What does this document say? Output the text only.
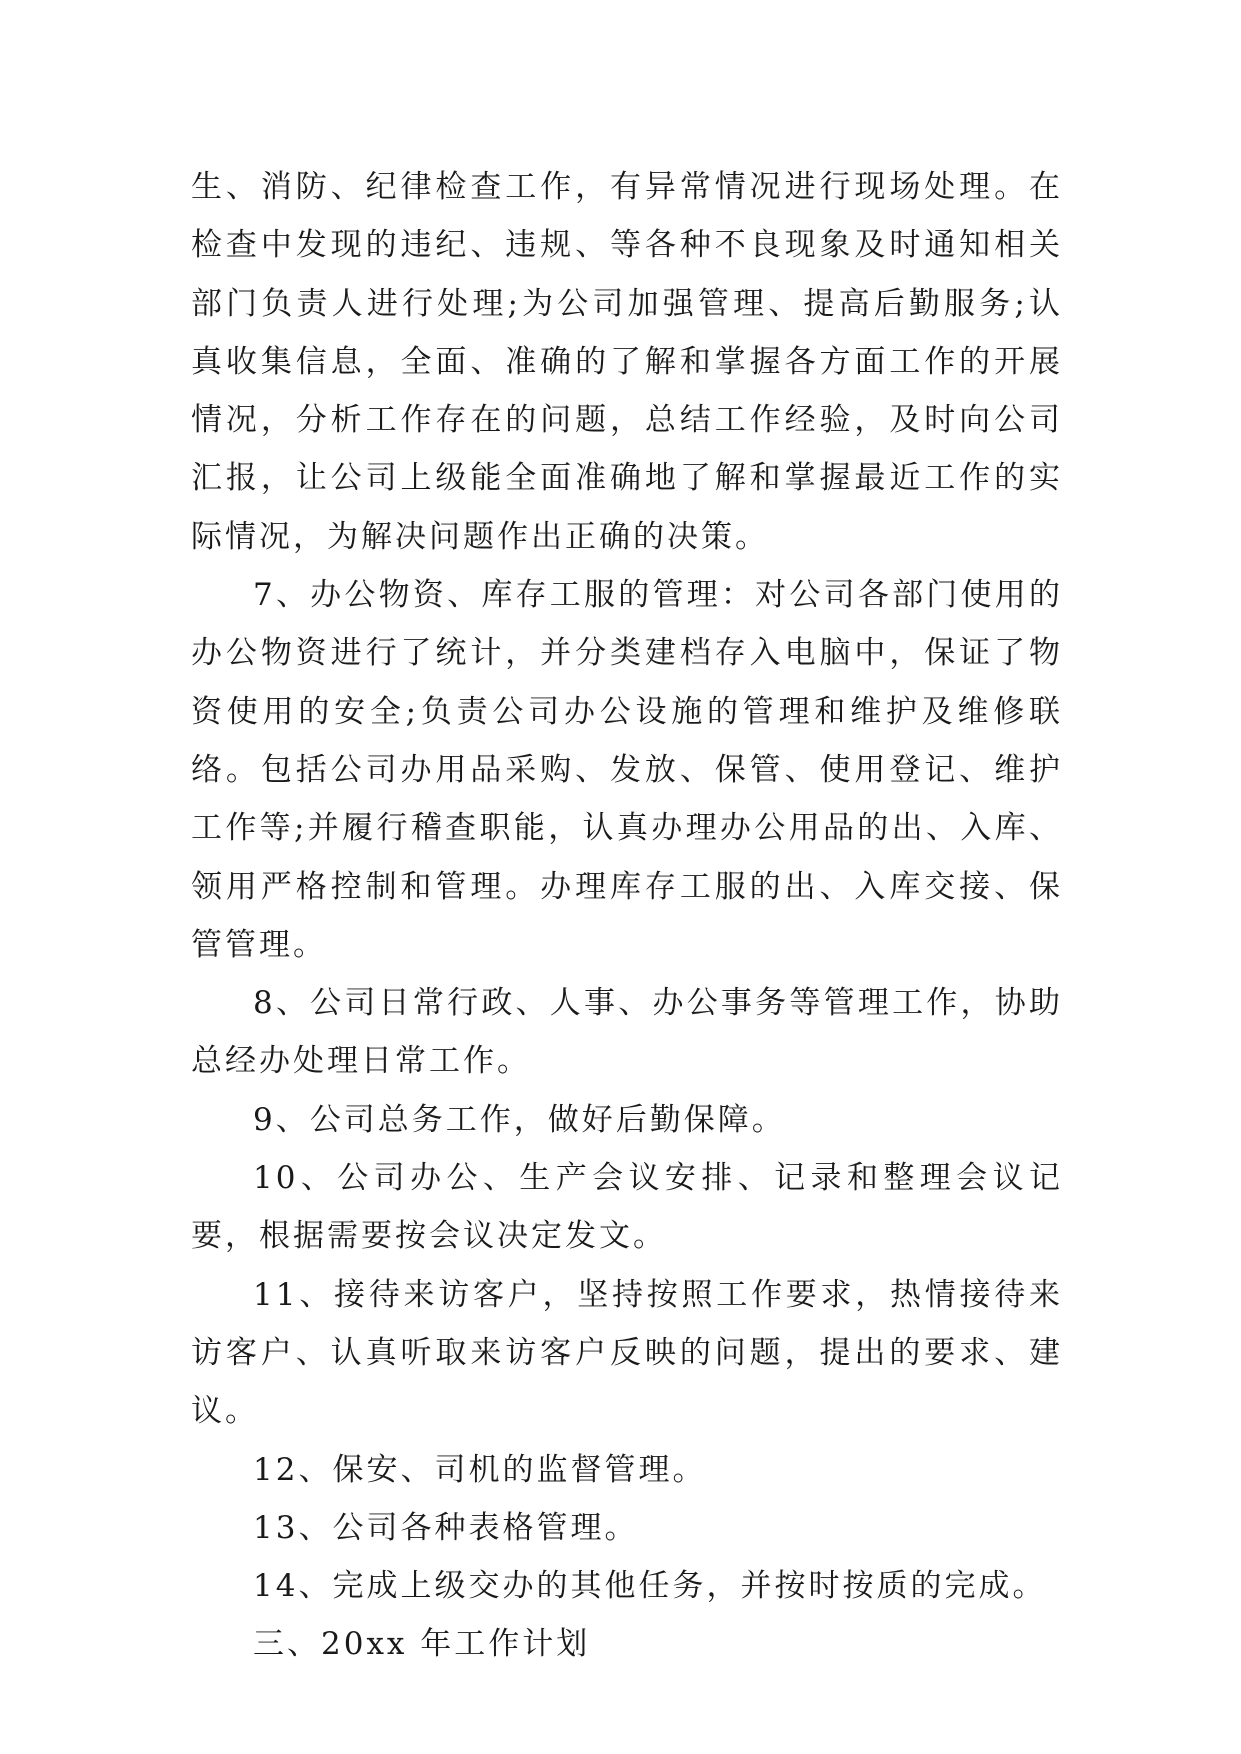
生、消防、纪律检查工作，有异常情况进行现场处理。在检查中发现的违纪、违规、等各种不良现象及时通知相关部门负责人进行处理;为公司加强管理、提高后勤服务;认真收集信息，全面、准确的了解和掌握各方面工作的开展情况，分析工作存在的问题，总结工作经验，及时向公司汇报，让公司上级能全面准确地了解和掌握最近工作的实际情况，为解决问题作出正确的决策。

7、办公物资、库存工服的管理：对公司各部门使用的办公物资进行了统计，并分类建档存入电脑中，保证了物资使用的安全;负责公司办公设施的管理和维护及维修联络。包括公司办用品采购、发放、保管、使用登记、维护工作等;并履行稽查职能，认真办理办公用品的出、入库、领用严格控制和管理。办理库存工服的出、入库交接、保管管理。

8、公司日常行政、人事、办公事务等管理工作，协助总经办处理日常工作。

9、公司总务工作，做好后勤保障。

10、公司办公、生产会议安排、记录和整理会议记要，根据需要按会议决定发文。

11、接待来访客户，坚持按照工作要求，热情接待来访客户、认真听取来访客户反映的问题，提出的要求、建议。

12、保安、司机的监督管理。

13、公司各种表格管理。

14、完成上级交办的其他任务，并按时按质的完成。

三、20xx 年工作计划
